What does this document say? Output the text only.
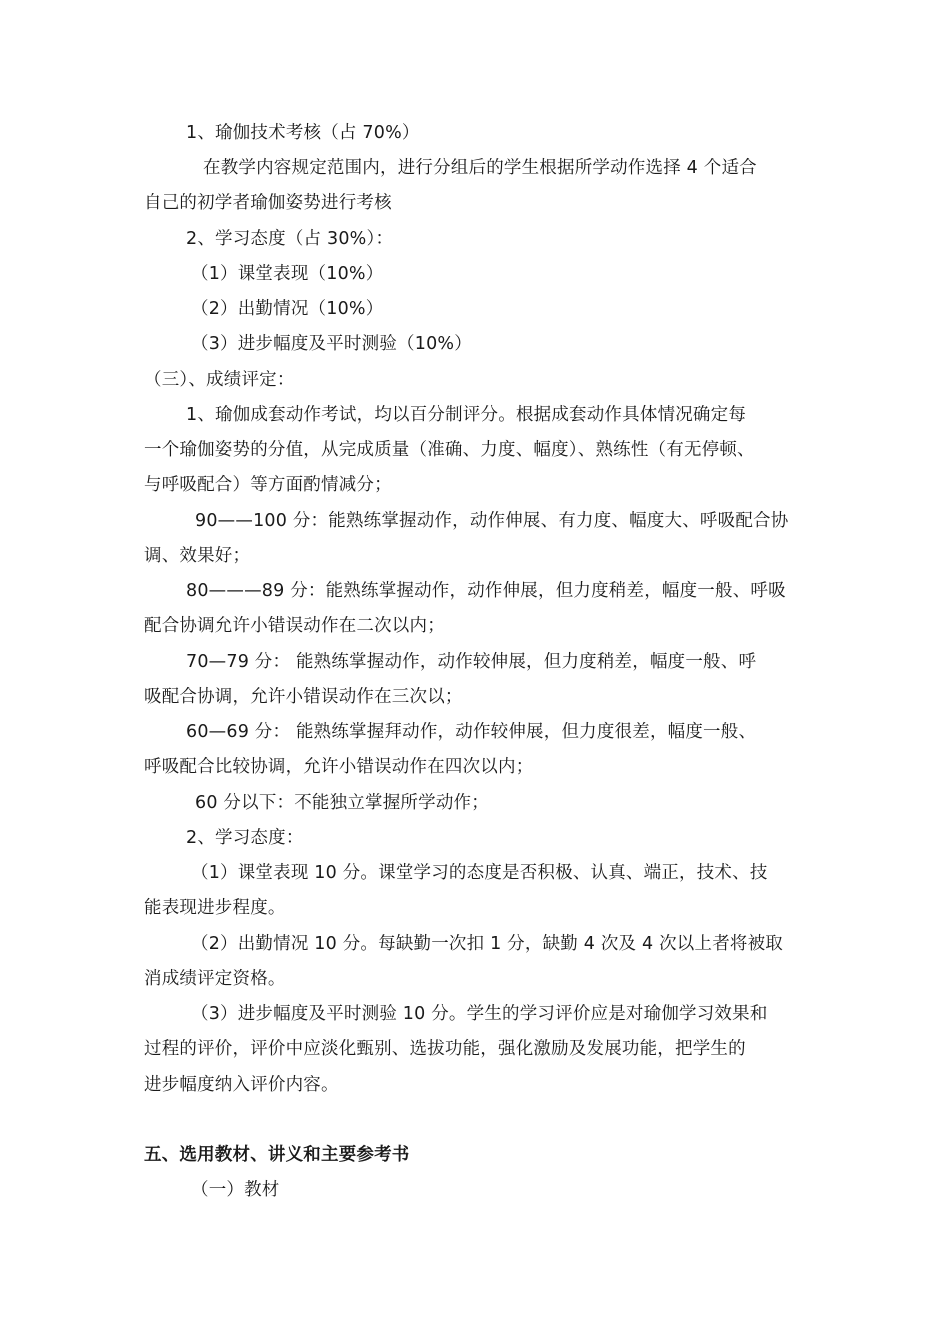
1、瑜伽技术考核（占 70%）
在教学内容规定范围内，进行分组后的学生根据所学动作选择 4 个适合
自己的初学者瑜伽姿势进行考核
2、学习态度（占 30%）：
（1）课堂表现（10%）
（2）出勤情况（10%）
（3）进步幅度及平时测验（10%）
（三）、成绩评定：
1、瑜伽成套动作考试，均以百分制评分。根据成套动作具体情况确定每
一个瑜伽姿势的分值，从完成质量（准确、力度、幅度）、熟练性（有无停顿、
与呼吸配合）等方面酌情减分；
90——100 分：能熟练掌握动作，动作伸展、有力度、幅度大、呼吸配合协
调、效果好；
80———89 分：能熟练掌握动作，动作伸展，但力度稍差，幅度一般、呼吸
配合协调允许小错误动作在二次以内；
70—79 分： 能熟练掌握动作，动作较伸展，但力度稍差，幅度一般、呼
吸配合协调，允许小错误动作在三次以；
60—69 分： 能熟练掌握拜动作，动作较伸展，但力度很差，幅度一般、
呼吸配合比较协调，允许小错误动作在四次以内；
60 分以下：不能独立掌握所学动作；
2、学习态度：
（1）课堂表现 10 分。课堂学习的态度是否积极、认真、端正，技术、技
能表现进步程度。
（2）出勤情况 10 分。每缺勤一次扣 1 分，缺勤 4 次及 4 次以上者将被取
消成绩评定资格。
（3）进步幅度及平时测验 10 分。学生的学习评价应是对瑜伽学习效果和
过程的评价，评价中应淡化甄别、选拔功能，强化激励及发展功能，把学生的
进步幅度纳入评价内容。
五、选用教材、讲义和主要参考书
（一）教材
